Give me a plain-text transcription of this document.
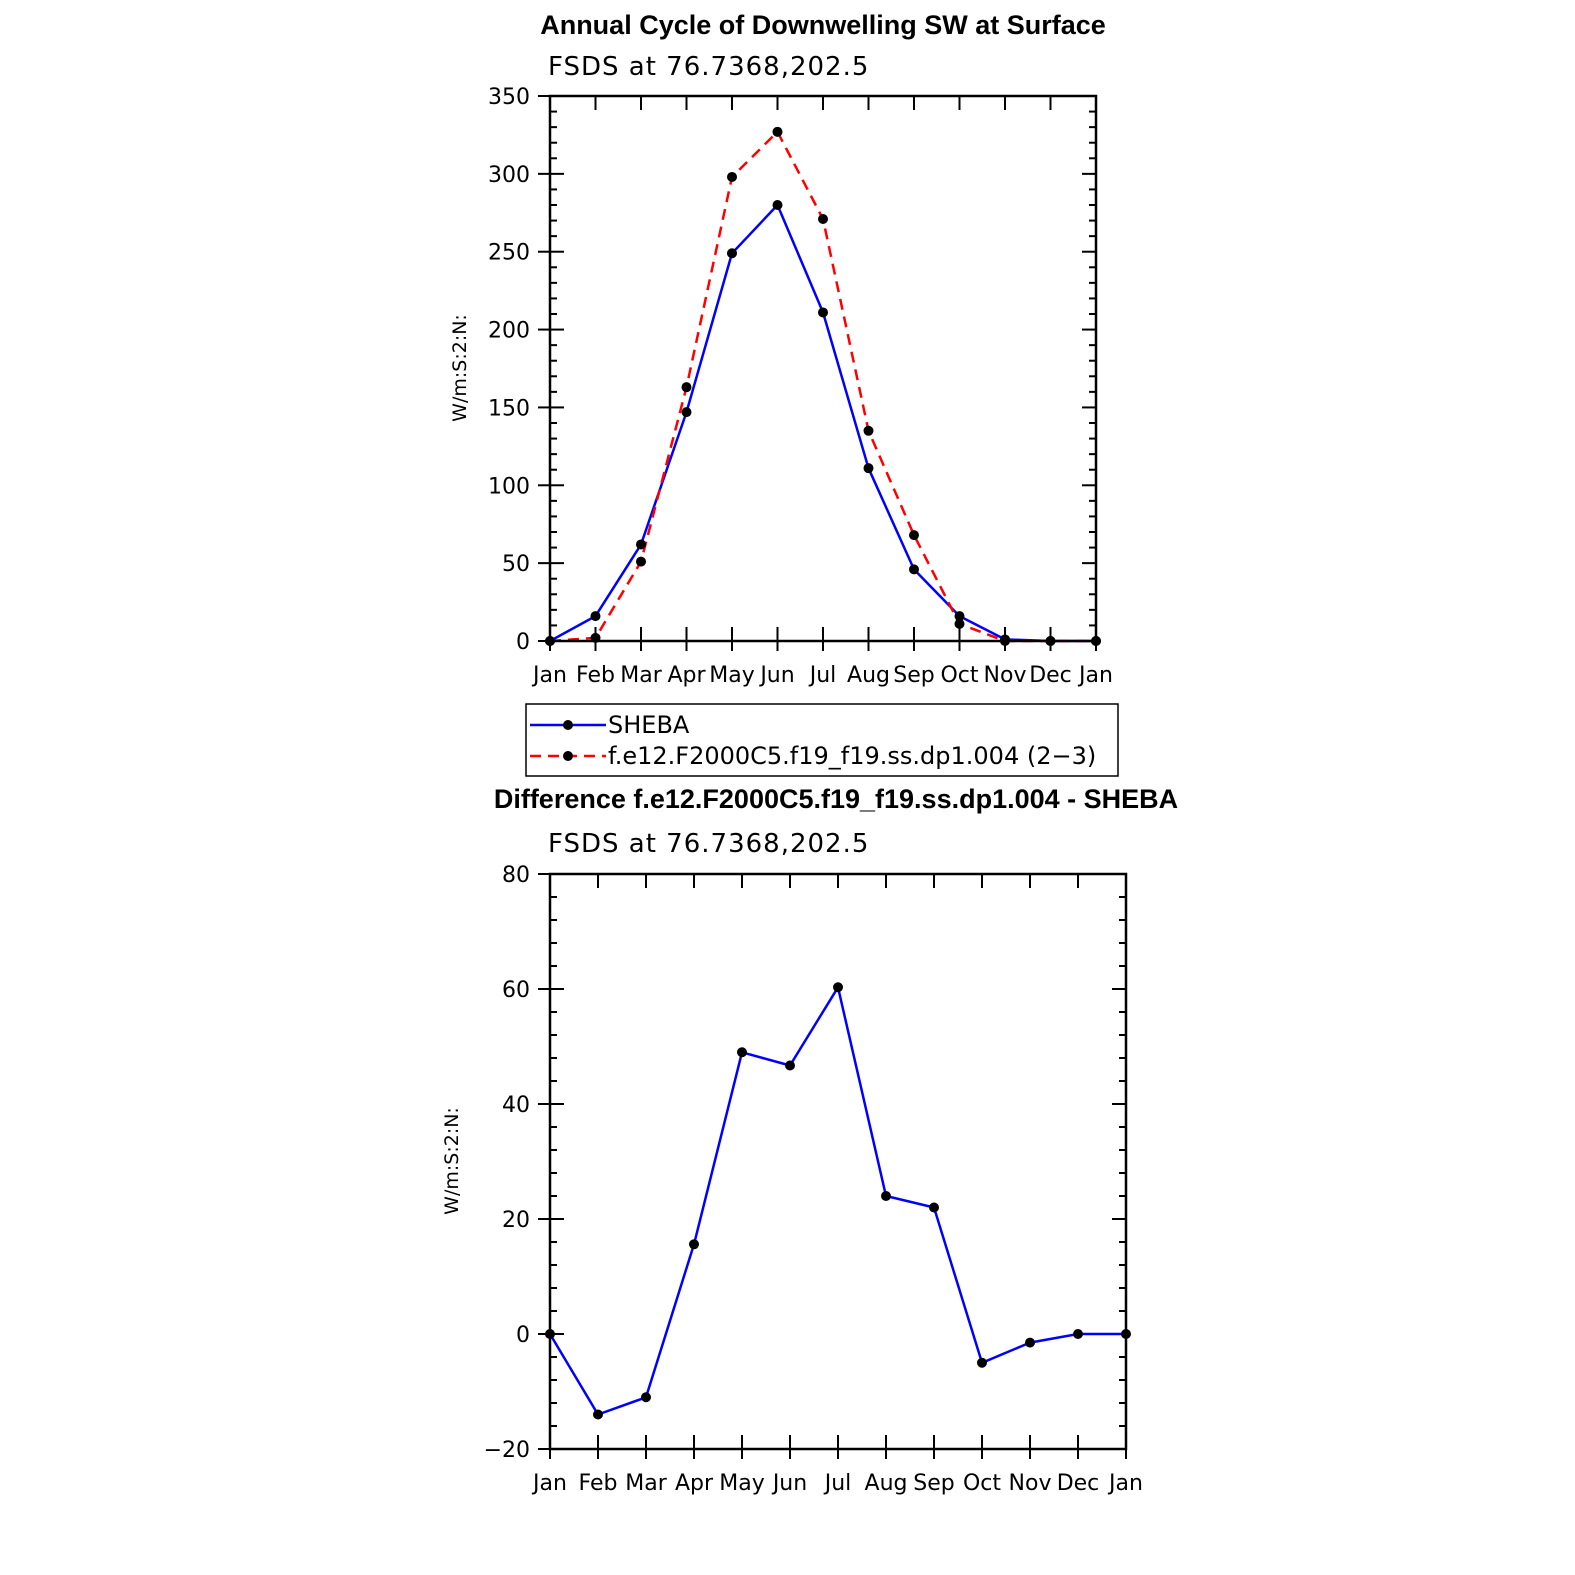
Annual Cycle of Downwelling SW at Surface
FSDS at 76.7368,202.5
W/m:S:2:N:
Jan Feb Mar Apr May Jun Jul Aug Sep Oct Nov Dec Jan
0
50
100
150
200
250
300
350
SHEBA
f.e12.F2000C5.f19_f19.ss.dp1.004 (2−3)
Difference f.e12.F2000C5.f19_f19.ss.dp1.004 - SHEBA
FSDS at 76.7368,202.5
W/m:S:2:N:
Jan Feb Mar Apr May Jun Jul Aug Sep Oct Nov Dec Jan
−20
0
20
40
60
80
